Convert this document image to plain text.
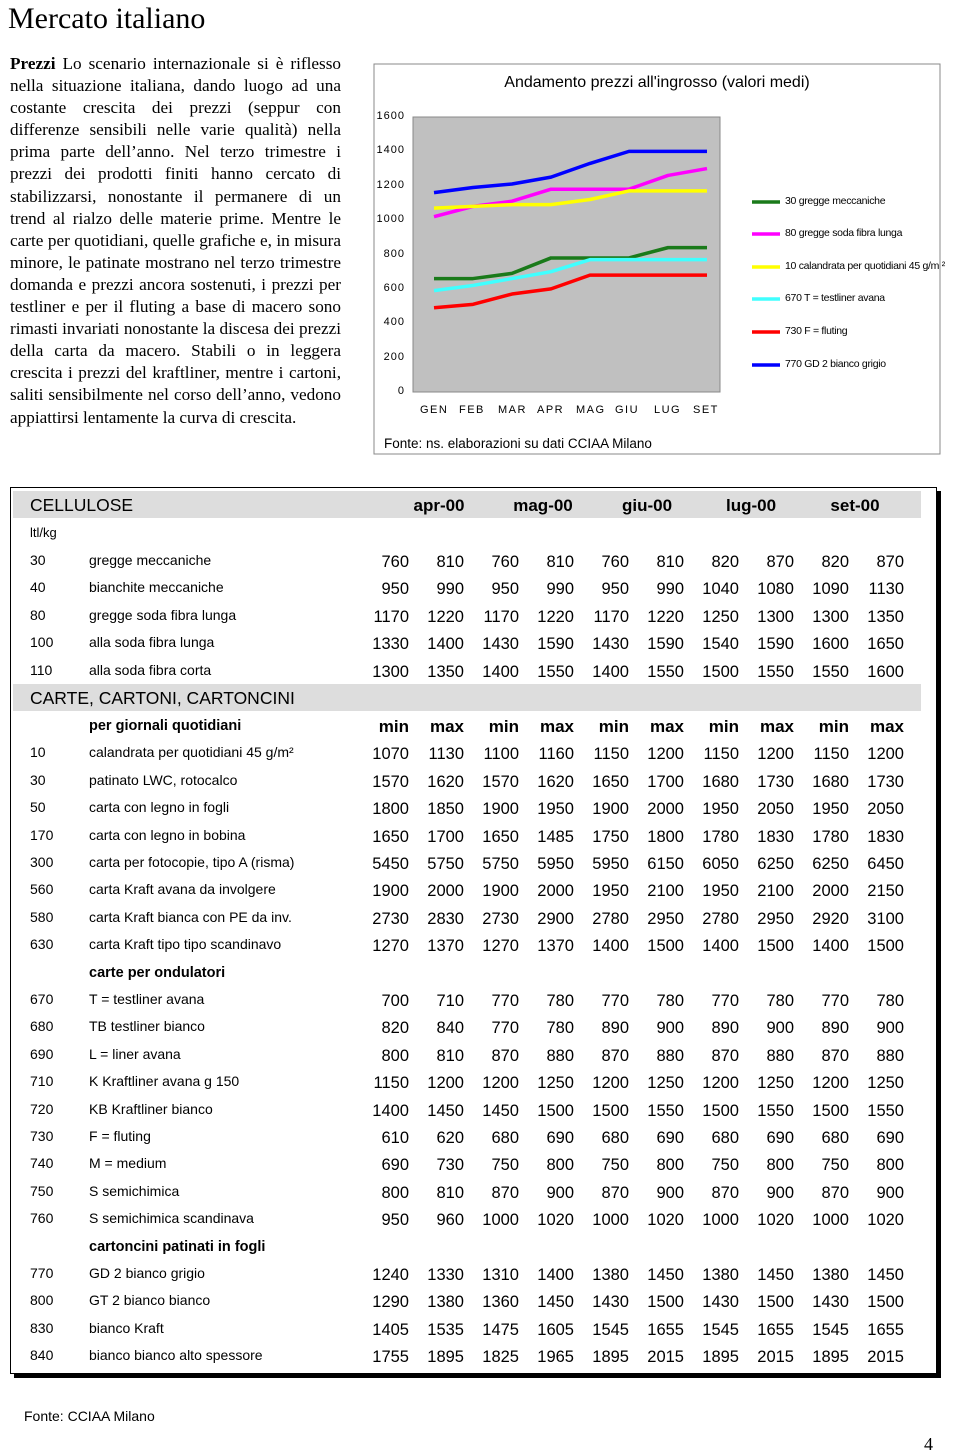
Mercato italiano
Prezzi Lo scenario internazionale si è riflesso nella situazione italiana, dando luogo ad una costante crescita dei prezzi (seppur con differenze sensibili nelle varie qualità) nella prima parte dell’anno. Nel terzo trimestre i prezzi dei prodotti finiti hanno cercato di stabilizzarsi, nonostante il permanere di un trend al rialzo delle materie prime. Mentre le carte per quotidiani, quelle grafiche e, in misura minore, le patinate mostrano nel terzo trimestre domanda e prezzi ancora sostenuti, i prezzi per testliner e per il fluting a base di macero sono rimasti invariati nonostante la discesa dei prezzi della carta da macero. Stabili o in leggera crescita i prezzi del kraftliner, mentre i cartoni, saliti sensibilmente nel corso dell’anno, vedono appiattirsi lentamente la curva di crescita.
Andamento prezzi all'ingrosso (valori medi)
1600
1400
1200
1000
800
600
400
200
0
GEN FEB MAR APR MAG GIU LUG SET
30 gregge meccaniche
80 gregge soda fibra lunga
10 calandrata per quotidiani 45 g/m ²
670 T = testliner avana
730 F = fluting
770 GD 2 bianco grigio
Fonte: ns. elaborazioni su dati CCIAA Milano
CELLULOSE	apr-00	mag-00	giu-00	lug-00	set-00
ltl/kg
30	gregge meccaniche	760	810	760	810	760	810	820	870	820	870
40	bianchite meccaniche	950	990	950	990	950	990	1040	1080	1090	1130
80	gregge soda fibra lunga	1170	1220	1170	1220	1170	1220	1250	1300	1300	1350
100	alla soda fibra lunga	1330	1400	1430	1590	1430	1590	1540	1590	1600	1650
110	alla soda fibra corta	1300	1350	1400	1550	1400	1550	1500	1550	1550	1600
CARTE, CARTONI, CARTONCINI
per giornali quotidiani	min	max	min	max	min	max	min	max	min	max
10	calandrata per quotidiani 45 g/m²	1070	1130	1100	1160	1150	1200	1150	1200	1150	1200
30	patinato LWC, rotocalco	1570	1620	1570	1620	1650	1700	1680	1730	1680	1730
50	carta con legno in fogli	1800	1850	1900	1950	1900	2000	1950	2050	1950	2050
170	carta con legno in bobina	1650	1700	1650	1485	1750	1800	1780	1830	1780	1830
300	carta per fotocopie, tipo A (risma)	5450	5750	5750	5950	5950	6150	6050	6250	6250	6450
560	carta Kraft avana da involgere	1900	2000	1900	2000	1950	2100	1950	2100	2000	2150
580	carta Kraft bianca con PE da inv.	2730	2830	2730	2900	2780	2950	2780	2950	2920	3100
630	carta Kraft tipo tipo scandinavo	1270	1370	1270	1370	1400	1500	1400	1500	1400	1500
carte per ondulatori
670	T = testliner avana	700	710	770	780	770	780	770	780	770	780
680	TB testliner bianco	820	840	770	780	890	900	890	900	890	900
690	L = liner avana	800	810	870	880	870	880	870	880	870	880
710	K Kraftliner avana g 150	1150	1200	1200	1250	1200	1250	1200	1250	1200	1250
720	KB Kraftliner bianco	1400	1450	1450	1500	1500	1550	1500	1550	1500	1550
730	F = fluting	610	620	680	690	680	690	680	690	680	690
740	M = medium	690	730	750	800	750	800	750	800	750	800
750	S semichimica	800	810	870	900	870	900	870	900	870	900
760	S semichimica scandinava	950	960	1000	1020	1000	1020	1000	1020	1000	1020
cartoncini patinati in fogli
770	GD 2 bianco grigio	1240	1330	1310	1400	1380	1450	1380	1450	1380	1450
800	GT 2 bianco bianco	1290	1380	1360	1450	1430	1500	1430	1500	1430	1500
830	bianco Kraft	1405	1535	1475	1605	1545	1655	1545	1655	1545	1655
840	bianco bianco alto spessore	1755	1895	1825	1965	1895	2015	1895	2015	1895	2015
Fonte: CCIAA Milano
4
